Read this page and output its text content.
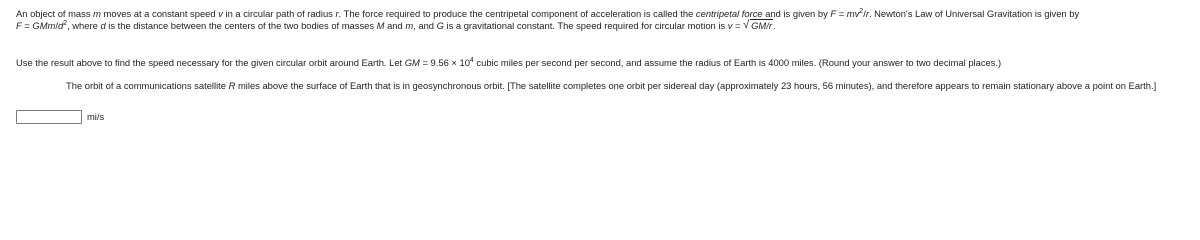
An object of mass m moves at a constant speed v in a circular path of radius r. The force required to produce the centripetal component of acceleration is called the centripetal force and is given by $F = mv^2/r$. Newton's Law of Universal Gravitation is given by
F = GMm/$d^2$, where d is the distance between the centers of the two bodies of masses M and m, and G is a gravitational constant. The speed required for circular motion is v = √ GM/r.
Use the result above to find the speed necessary for the given circular orbit around Earth. Let GM = $9.56 \times 10^4$ cubic miles per second per second, and assume the radius of Earth is 4000 miles. (Round your answer to two decimal places.)
The orbit of a communications satellite R miles above the surface of Earth that is in geosynchronous orbit. [The satellite completes one orbit per sidereal day (approximately 23 hours, 56 minutes), and therefore appears to remain stationary above a point on Earth.]
mi/s
